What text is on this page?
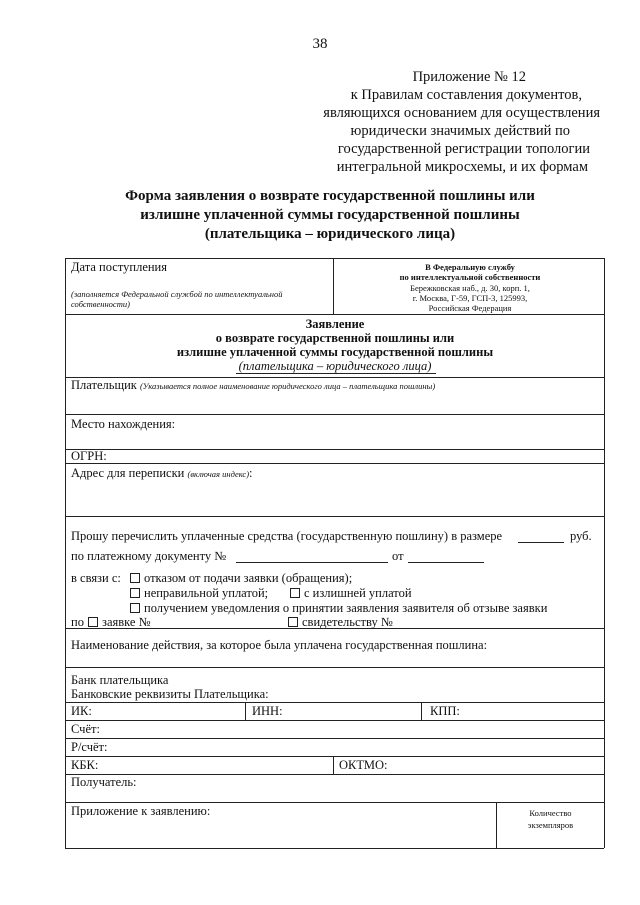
38
Приложение № 12
к Правилам составления документов,
являющихся основанием для осуществления
юридически значимых действий по
государственной регистрации топологии
интегральной микросхемы, и их формам
Форма заявления о возврате государственной пошлины или
излишне уплаченной суммы государственной пошлины
(плательщика – юридического лица)
Дата поступления
(заполняется Федеральной службой по интеллектуальной
собственности)
В Федеральную службу
по интеллектуальной собственности
Бережковская наб., д. 30, корп. 1,
г. Москва, Г-59, ГСП-3, 125993,
Российская Федерация
Заявление
о возврате государственной пошлины или
излишне уплаченной суммы государственной пошлины
(плательщика – юридического лица)
Плательщик (Указывается полное наименование юридического лица – плательщика пошлины)
Место нахождения:
ОГРН:
Адрес для переписки (включая индекс):
Прошу перечислить уплаченные средства (государственную пошлину) в размере	руб.
по платежному документу №	от
в связи с:	отказом от подачи заявки (обращения);
неправильной уплатой;	с излишней уплатой
получением уведомления о принятии заявления заявителя об отзыве заявки
по	заявке №	свидетельству №
Наименование действия, за которое была уплачена государственная пошлина:
Банк плательщика
Банковские реквизиты Плательщика:
ИК:	ИНН:	КПП:
Счёт:
Р/счёт:
КБК:	ОКТМО:
Получатель:
Приложение к заявлению:	Количество
экземпляров
